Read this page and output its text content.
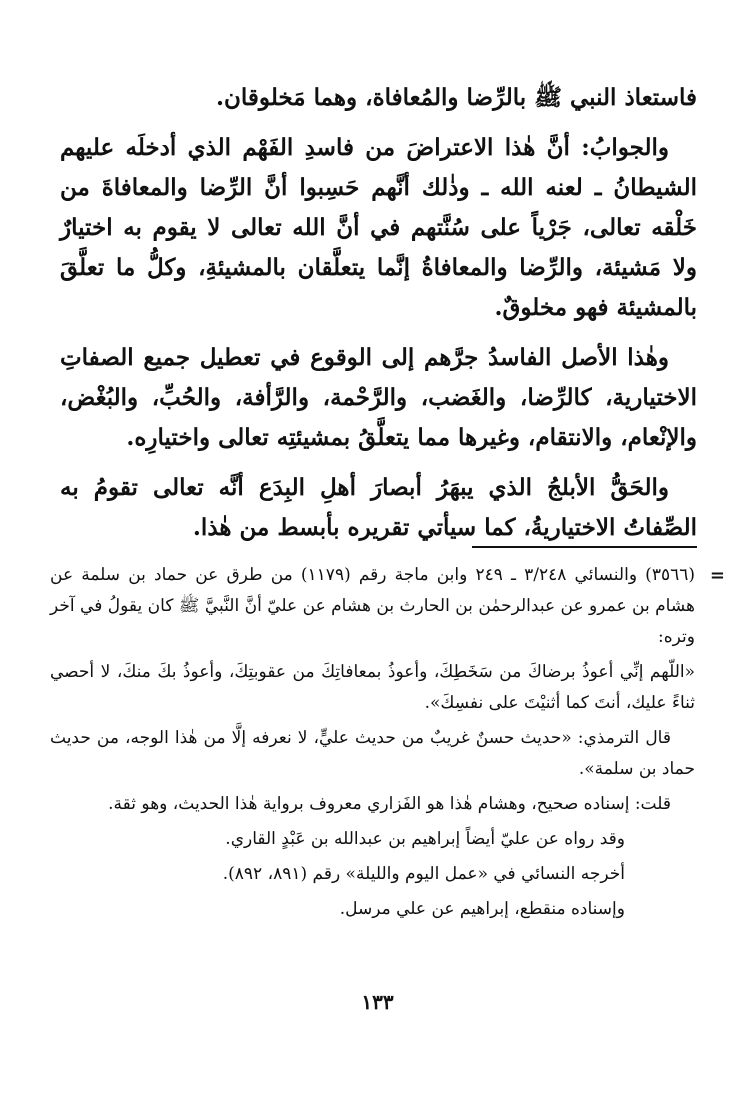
فاستعاذ النبي ﷺ بالرِّضا والمُعافاة، وهما مَخلوقان.

والجوابُ: أنَّ هٰذا الاعتراضَ من فاسدِ الفَهْم الذي أدخلَه عليهم الشيطانُ ـ لعنه الله ـ وذٰلك أنَّهم حَسِبوا أنَّ الرِّضا والمعافاةَ من خَلْقه تعالى، جَرْياً على سُنَّتهم في أنَّ الله تعالى لا يقوم به اختيارٌ ولا مَشيئة، والرِّضا والمعافاةُ إنَّما يتعلَّقان بالمشيئةِ، وكلُّ ما تعلَّقَ بالمشيئة فهو مخلوقٌ.

وهٰذا الأصل الفاسدُ جرَّهم إلى الوقوع في تعطيل جميع الصفاتِ الاختيارية، كالرِّضا، والغَضب، والرَّحْمة، والرَّأفة، والحُبِّ، والبُغْض، والإنْعام، والانتقام، وغيرها مما يتعلَّقُ بمشيئتِه تعالى واختيارِه.

والحَقُّ الأبلجُ الذي يبهَرُ أبصارَ أهلِ البِدَع أنَّه تعالى تقومُ به الصِّفاتُ الاختياريةُ، كما سيأتي تقريره بأبسط من هٰذا.

=

(٣٥٦٦) والنسائي ٣/٢٤٨ ـ ٢٤٩ وابن ماجة رقم (١١٧٩) من طرق عن حماد بن سلمة عن هشام بن عمرو عن عبدالرحمٰن بن الحارث بن هشام عن عليّ أنَّ النَّبيَّ ﷺ كان يقولُ في آخر وتره:

«اللّهم إنِّي أعوذُ برضاكَ من سَخَطِكَ، وأعوذُ بمعافاتِكَ من عقوبتِكَ، وأعوذُ بكَ منكَ، لا أحصي ثناءً عليك، أنتَ كما أثنيْتَ على نفسِكَ».

قال الترمذي: «حديث حسنٌ غريبٌ من حديث عليٍّ، لا نعرفه إلَّا من هٰذا الوجه، من حديث حماد بن سلمة».

قلت: إسناده صحيح، وهشام هٰذا هو الفَزاري معروف برواية هٰذا الحديث، وهو ثقة.

وقد رواه عن عليّ أيضاً إبراهيم بن عبدالله بن عَبْدٍ القاري.

أخرجه النسائي في «عمل اليوم والليلة» رقم (٨٩١، ٨٩٢).

وإسناده منقطع، إبراهيم عن علي مرسل.

١٣٣
